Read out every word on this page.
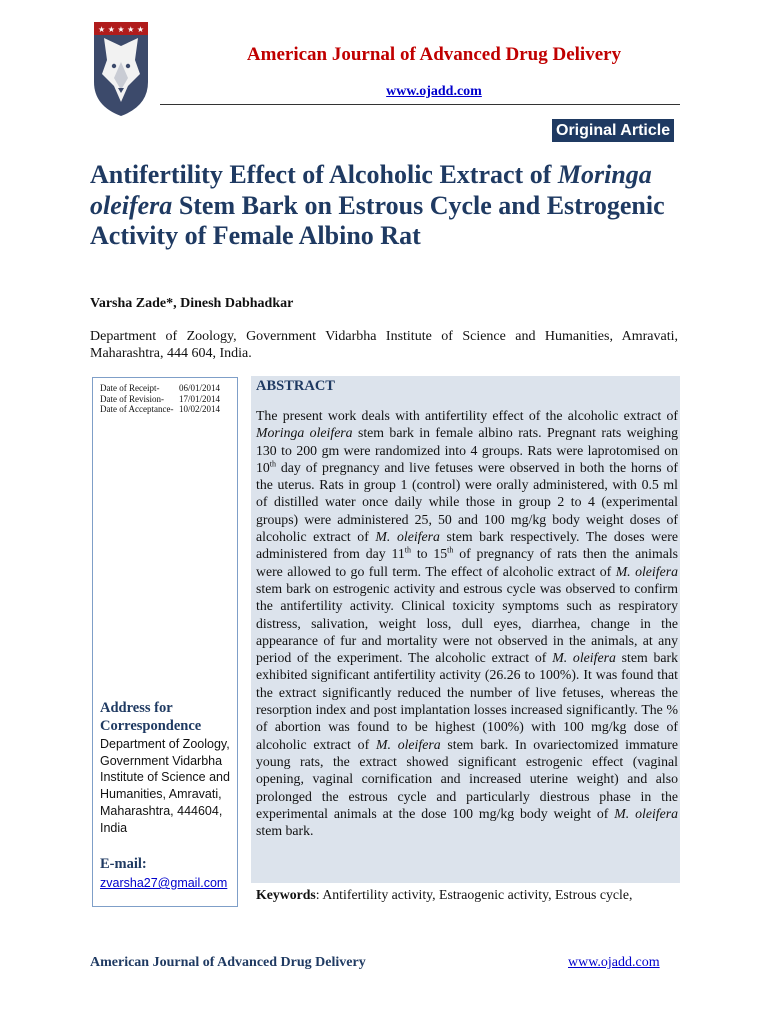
★ ★ ★ ★ ★
American Journal of Advanced Drug Delivery
www.ojadd.com
Original Article
Antifertility Effect of Alcoholic Extract of Moringa oleifera Stem Bark on Estrous Cycle and Estrogenic Activity of Female Albino Rat
Varsha Zade*, Dinesh Dabhadkar
Department of Zoology, Government Vidarbha Institute of Science and Humanities, Amravati, Maharashtra, 444 604, India.
Date of Receipt-	06/01/2014
Date of Revision-	17/01/2014
Date of Acceptance- 10/02/2014
Address for
Correspondence
Department of Zoology, Government Vidarbha Institute of Science and Humanities, Amravati, Maharashtra, 444604, India
E-mail:
zvarsha27@gmail.com
ABSTRACT
The present work deals with antifertility effect of the alcoholic extract of Moringa oleifera stem bark in female albino rats. Pregnant rats weighing 130 to 200 gm were randomized into 4 groups. Rats were laprotomised on 10th day of pregnancy and live fetuses were observed in both the horns of the uterus. Rats in group 1 (control) were orally administered, with 0.5 ml of distilled water once daily while those in group 2 to 4 (experimental groups) were administered 25, 50 and 100 mg/kg body weight doses of alcoholic extract of M. oleifera stem bark respectively. The doses were administered from day 11th to 15th of pregnancy of rats then the animals were allowed to go full term. The effect of alcoholic extract of M. oleifera stem bark on estrogenic activity and estrous cycle was observed to confirm the antifertility activity. Clinical toxicity symptoms such as respiratory distress, salivation, weight loss, dull eyes, diarrhea, change in the appearance of fur and mortality were not observed in the animals, at any period of the experiment. The alcoholic extract of M. oleifera stem bark exhibited significant antifertility activity (26.26 to 100%). It was found that the extract significantly reduced the number of live fetuses, whereas the resorption index and post implantation losses increased significantly. The % of abortion was found to be highest (100%) with 100 mg/kg dose of alcoholic extract of M. oleifera stem bark. In ovariectomized immature young rats, the extract showed significant estrogenic effect (vaginal opening, vaginal cornification and increased uterine weight) and also prolonged the estrous cycle and particularly diestrous phase in the experimental animals at the dose 100 mg/kg body weight of M. oleifera stem bark.
Keywords: Antifertility activity, Estraogenic activity, Estrous cycle,
American Journal of Advanced Drug Delivery	www.ojadd.com
